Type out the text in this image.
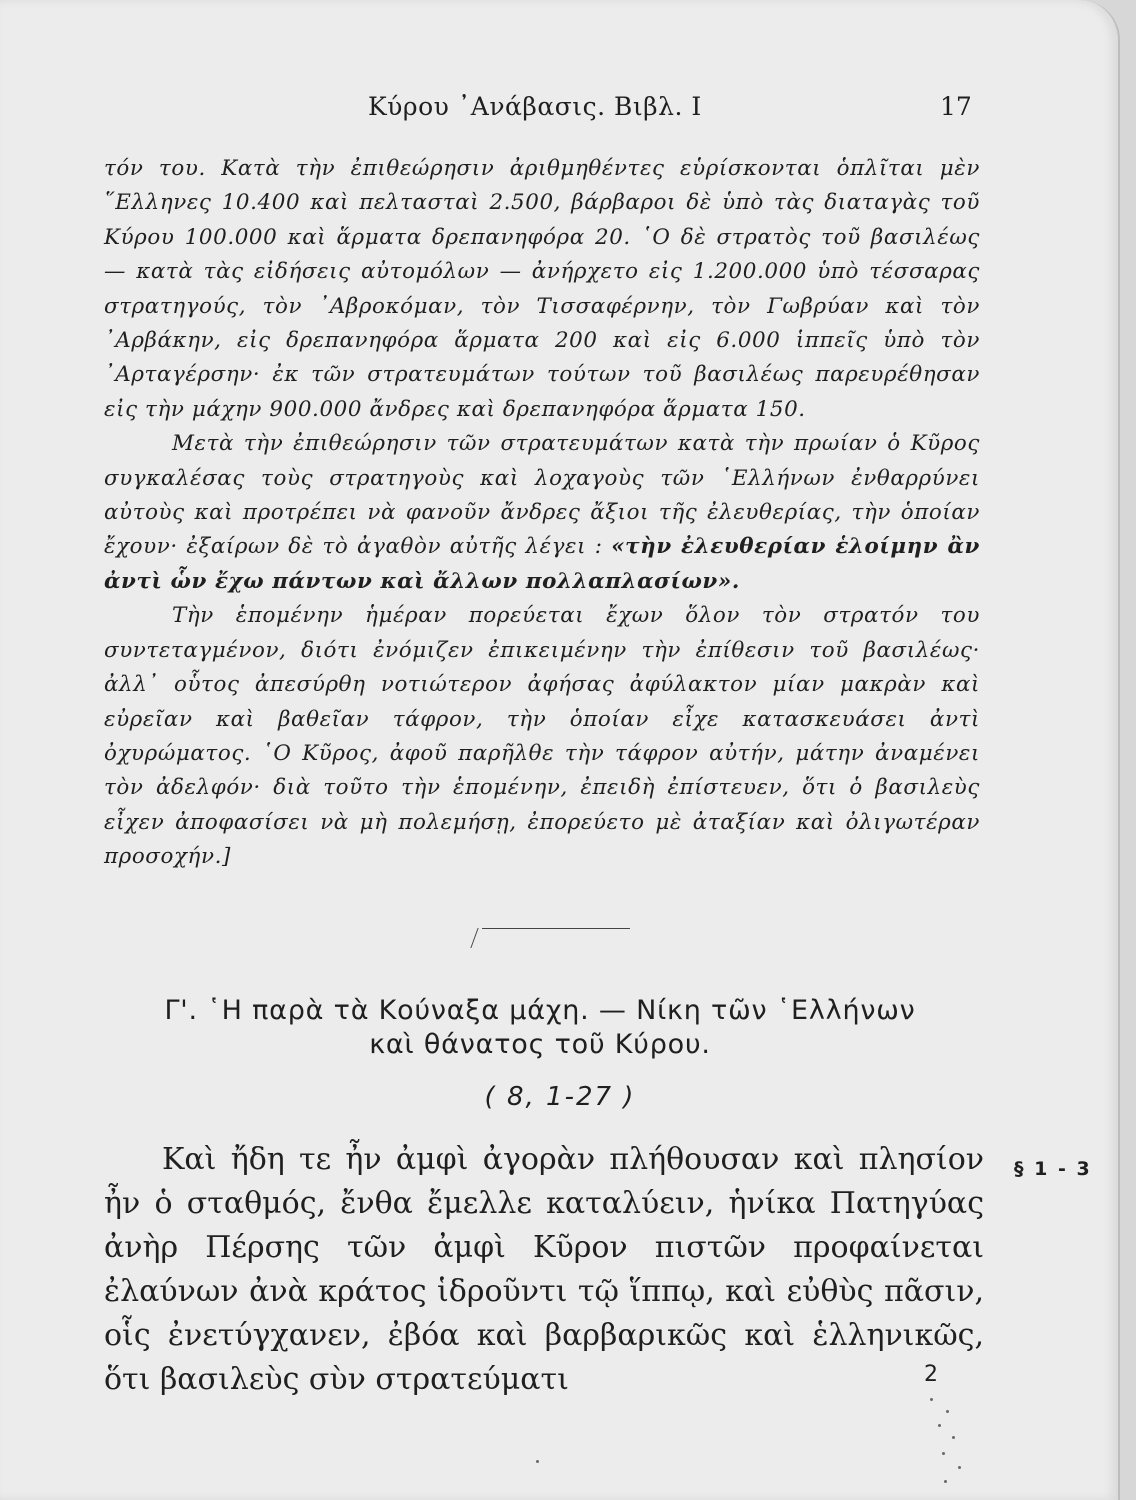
Κύρου ᾿Ανάβασις. Βιβλ. Ι	17

τόν του. Κατὰ τὴν ἐπιθεώρησιν ἀριθμηθέντες εὑρίσκονται ὁπλῖται μὲν ῞Ελληνες 10.400 καὶ πελτασταὶ 2.500, βάρβαροι δὲ ὑπὸ τὰς διαταγὰς τοῦ Κύρου 100.000 καὶ ἅρματα δρεπανηφόρα 20. ῾Ο δὲ στρατὸς τοῦ βασιλέως — κατὰ τὰς εἰδήσεις αὐτομόλων — ἀνήρχετο εἰς 1.200.000 ὑπὸ τέσσαρας στρατηγούς, τὸν ᾿Αβροκόμαν, τὸν Τισσαφέρνην, τὸν Γωβρύαν καὶ τὸν ᾿Αρβάκην, εἰς δρεπανηφόρα ἅρματα 200 καὶ εἰς 6.000 ἱππεῖς ὑπὸ τὸν ᾿Αρταγέρσην· ἐκ τῶν στρατευμάτων τούτων τοῦ βασιλέως παρευρέθησαν εἰς τὴν μάχην 900.000 ἄνδρες καὶ δρεπανηφόρα ἅρματα 150.

Μετὰ τὴν ἐπιθεώρησιν τῶν στρατευμάτων κατὰ τὴν πρωίαν ὁ Κῦρος συγκαλέσας τοὺς στρατηγοὺς καὶ λοχαγοὺς τῶν ῾Ελλήνων ἐνθαρρύνει αὐτοὺς καὶ προτρέπει νὰ φανοῦν ἄνδρες ἄξιοι τῆς ἐλευθερίας, τὴν ὁποίαν ἔχουν· ἐξαίρων δὲ τὸ ἀγαθὸν αὐτῆς λέγει : «τὴν ἐλευθερίαν ἑλοίμην ἂν ἀντὶ ὧν ἔχω πάντων καὶ ἄλλων πολλαπλασίων».

Τὴν ἑπομένην ἡμέραν πορεύεται ἔχων ὅλον τὸν στρατόν του συντεταγμένον, διότι ἐνόμιζεν ἐπικειμένην τὴν ἐπίθεσιν τοῦ βασιλέως· ἀλλ᾿ οὗτος ἀπεσύρθη νοτιώτερον ἀφήσας ἀφύλακτον μίαν μακρὰν καὶ εὐρεῖαν καὶ βαθεῖαν τάφρον, τὴν ὁποίαν εἶχε κατασκευάσει ἀντὶ ὀχυρώματος. ῾Ο Κῦρος, ἀφοῦ παρῆλθε τὴν τάφρον αὐτήν, μάτην ἀναμένει τὸν ἀδελφόν· διὰ τοῦτο τὴν ἑπομένην, ἐπειδὴ ἐπίστευεν, ὅτι ὁ βασιλεὺς εἶχεν ἀποφασίσει νὰ μὴ πολεμήσῃ, ἐπορεύετο μὲ ἀταξίαν καὶ ὀλιγωτέραν προσοχήν.]

Γ'. ῾Η παρὰ τὰ Κούναξα μάχη. — Νίκη τῶν ῾Ελλήνων
καὶ θάνατος τοῦ Κύρου.
( 8, 1-27 )

Καὶ ἤδη τε ἦν ἀμφὶ ἀγορὰν πλήθουσαν καὶ πλησίον ἦν ὁ σταθμός, ἔνθα ἔμελλε καταλύειν, ἡνίκα Πατηγύας ἀνὴρ Πέρσης τῶν ἀμφὶ Κῦρον πιστῶν προφαίνεται ἐλαύνων ἀνὰ κράτος ἱδροῦντι τῷ ἵππῳ, καὶ εὐθὺς πᾶσιν, οἷς ἐνετύγχανεν, ἐβόα καὶ βαρβαρικῶς καὶ ἑλληνικῶς, ὅτι βασιλεὺς σὺν στρατεύματι

§ 1 - 3
2
